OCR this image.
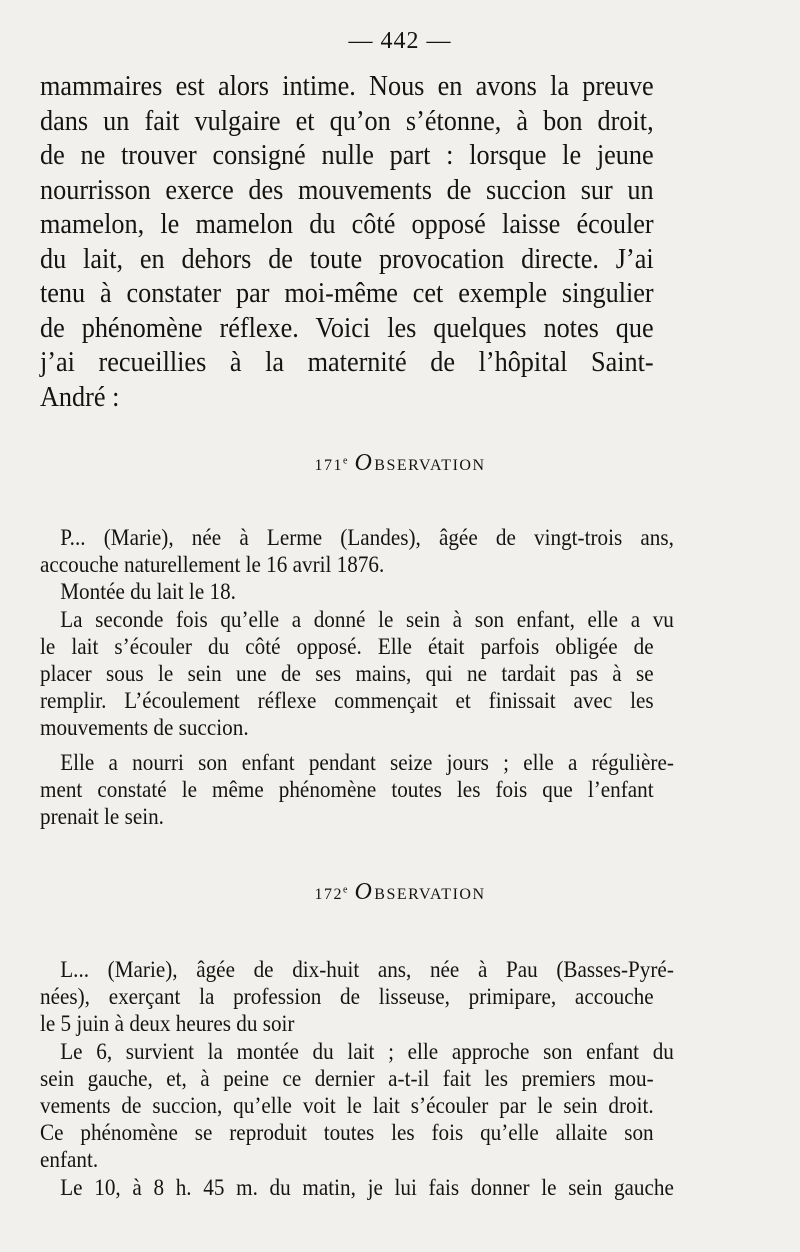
— 442 —
mammaires est alors intime. Nous en avons la preuve
dans un fait vulgaire et qu’on s’étonne, à bon droit,
de ne trouver consigné nulle part : lorsque le jeune
nourrisson exerce des mouvements de succion sur un
mamelon, le mamelon du côté opposé laisse écouler
du lait, en dehors de toute provocation directe. J’ai
tenu à constater par moi-même cet exemple singulier
de phénomène réflexe. Voici les quelques notes que
j’ai recueillies à la maternité de l’hôpital Saint-
André :
171e OBSERVATION
P... (Marie), née à Lerme (Landes), âgée de vingt-trois ans,
accouche naturellement le 16 avril 1876.
Montée du lait le 18.
La seconde fois qu’elle a donné le sein à son enfant, elle a vu
le lait s’écouler du côté opposé. Elle était parfois obligée de
placer sous le sein une de ses mains, qui ne tardait pas à se
remplir. L’écoulement réflexe commençait et finissait avec les
mouvements de succion.
Elle a nourri son enfant pendant seize jours ; elle a régulière-
ment constaté le même phénomène toutes les fois que l’enfant
prenait le sein.
172e OBSERVATION
L... (Marie), âgée de dix-huit ans, née à Pau (Basses-Pyré-
nées), exerçant la profession de lisseuse, primipare, accouche
le 5 juin à deux heures du soir
Le 6, survient la montée du lait ; elle approche son enfant du
sein gauche, et, à peine ce dernier a-t-il fait les premiers mou-
vements de succion, qu’elle voit le lait s’écouler par le sein droit.
Ce phénomène se reproduit toutes les fois qu’elle allaite son
enfant.
Le 10, à 8 h. 45 m. du matin, je lui fais donner le sein gauche
